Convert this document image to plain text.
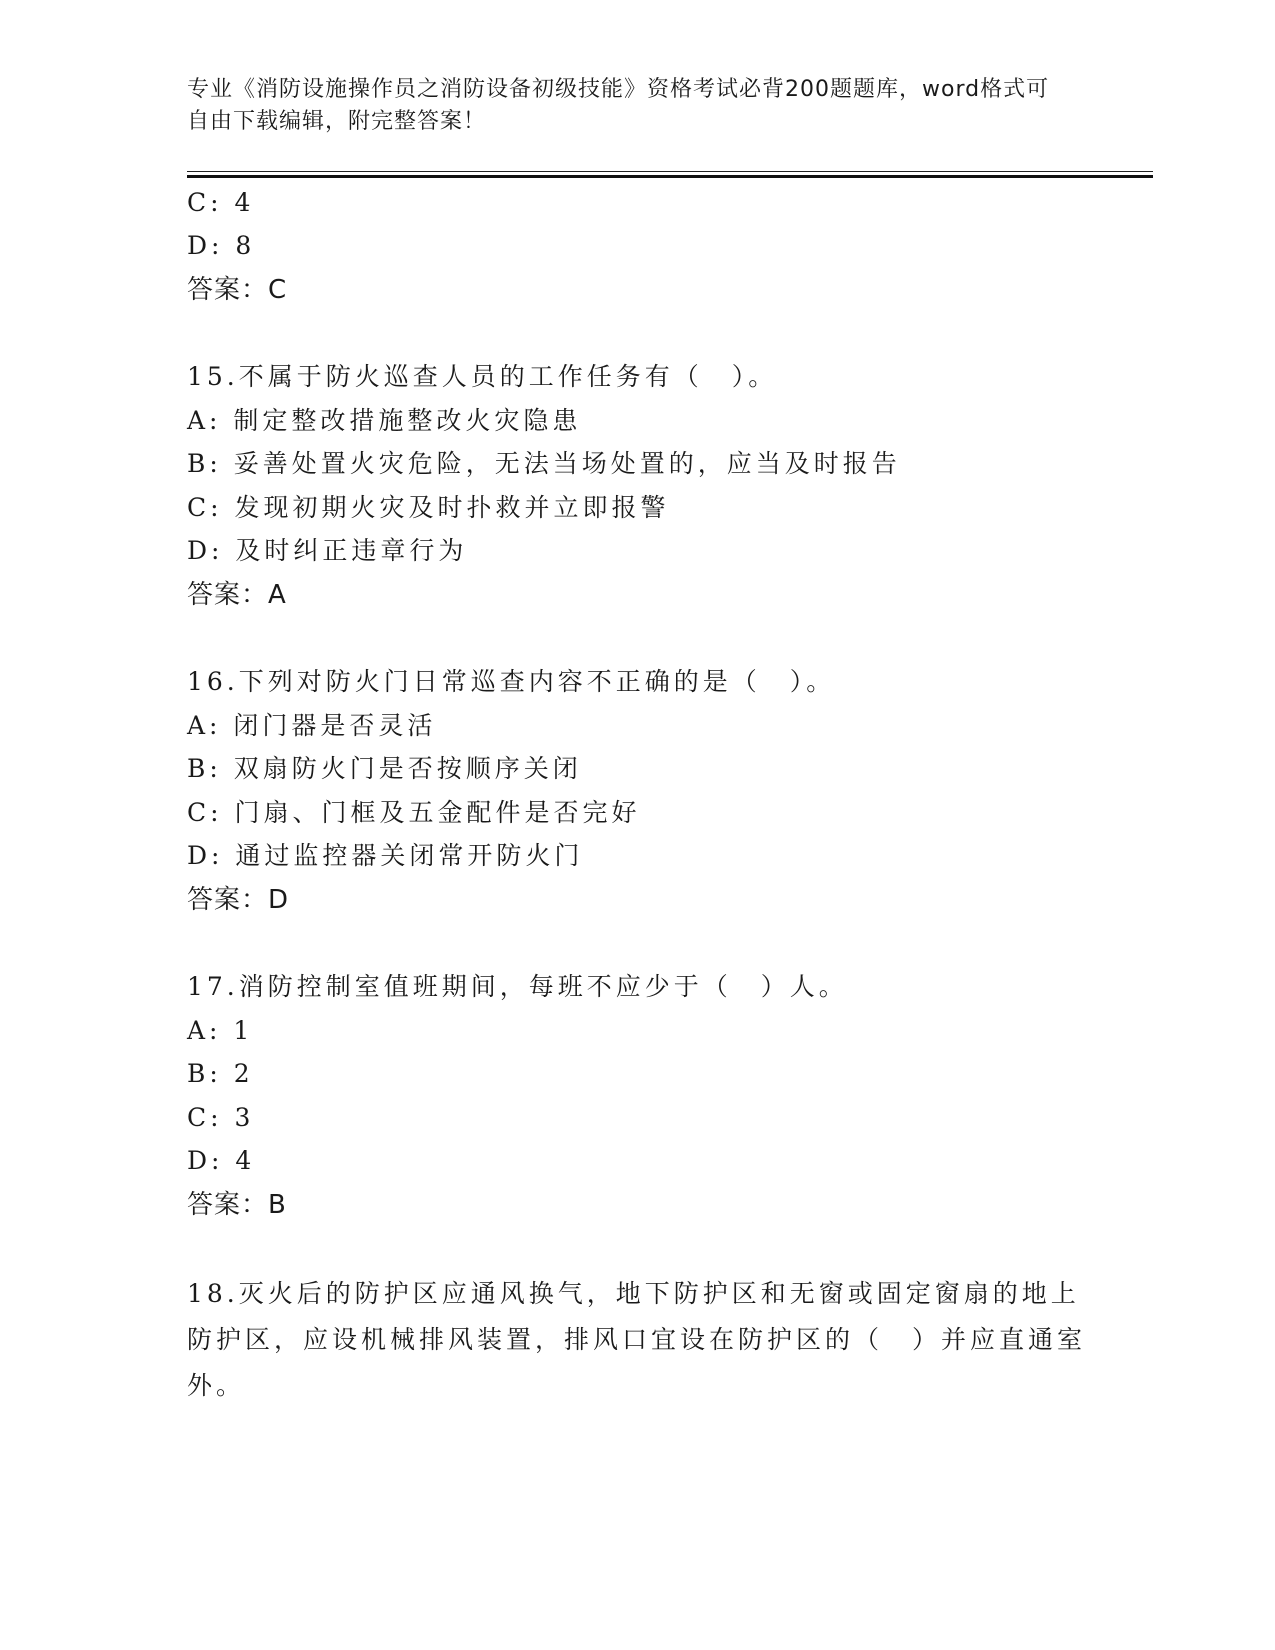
专业《消防设施操作员之消防设备初级技能》资格考试必背200题题库，word格式可自由下载编辑，附完整答案！
C: 4
D: 8
答案：C
15.不属于防火巡查人员的工作任务有（　）。
A: 制定整改措施整改火灾隐患
B: 妥善处置火灾危险，无法当场处置的，应当及时报告
C: 发现初期火灾及时扑救并立即报警
D: 及时纠正违章行为
答案：A
16.下列对防火门日常巡查内容不正确的是（　）。
A: 闭门器是否灵活
B: 双扇防火门是否按顺序关闭
C: 门扇、门框及五金配件是否完好
D: 通过监控器关闭常开防火门
答案：D
17.消防控制室值班期间，每班不应少于（　）人。
A: 1
B: 2
C: 3
D: 4
答案：B
18.灭火后的防护区应通风换气，地下防护区和无窗或固定窗扇的地上防护区，应设机械排风装置，排风口宜设在防护区的（　）并应直通室外。
